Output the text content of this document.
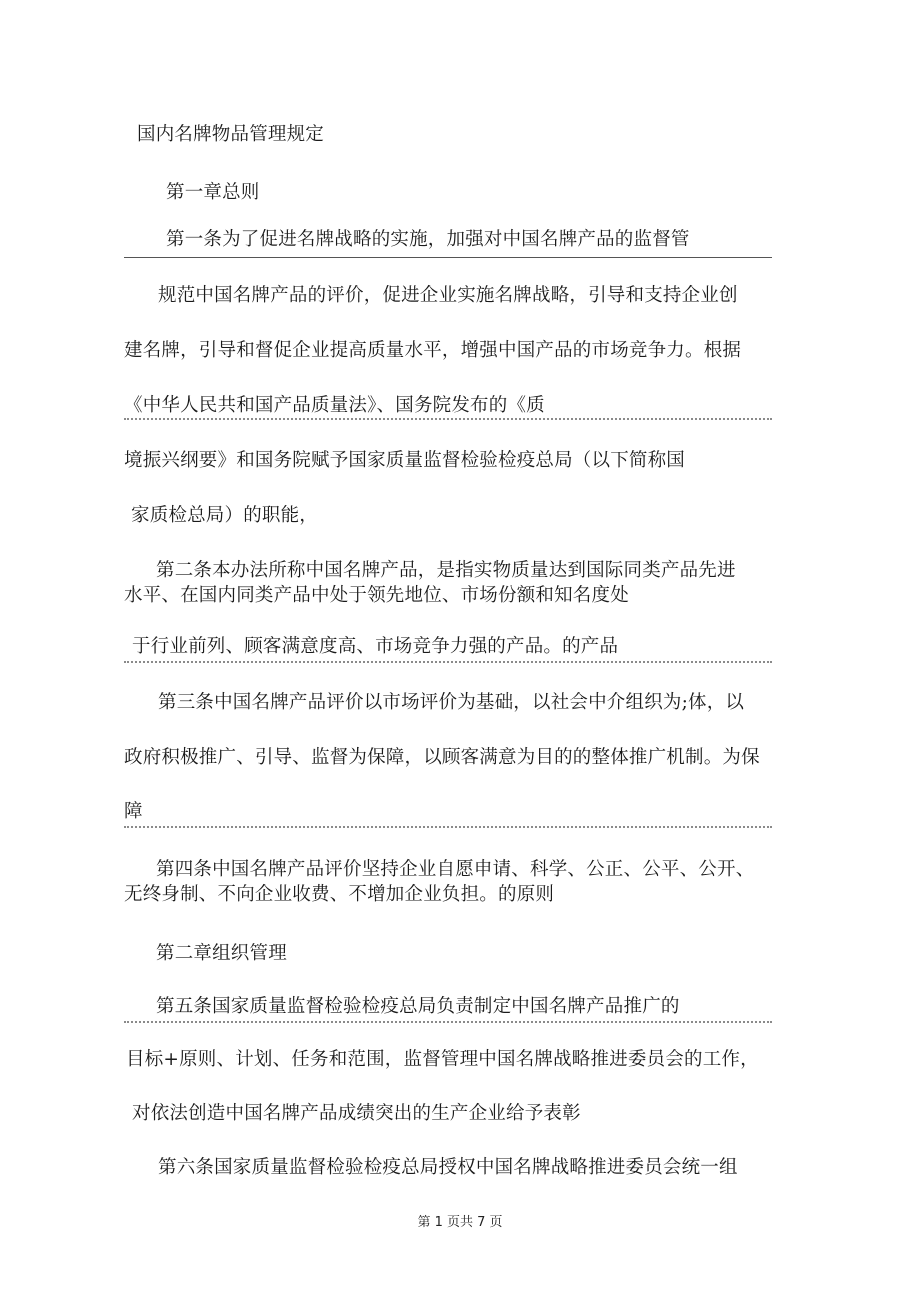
国内名牌物品管理规定
第一章总则
第一条为了促进名牌战略的实施，加强对中国名牌产品的监督管
规范中国名牌产品的评价，促进企业实施名牌战略，引导和支持企业创
建名牌，引导和督促企业提高质量水平，增强中国产品的市场竞争力。根据
《中华人民共和国产品质量法》、国务院发布的《质
境振兴纲要》和国务院赋予国家质量监督检验检疫总局（以下简称国
家质检总局）的职能，
第二条本办法所称中国名牌产品，是指实物质量达到国际同类产品先进
水平、在国内同类产品中处于领先地位、市场份额和知名度处
于行业前列、顾客满意度高、市场竞争力强的产品。的产品
第三条中国名牌产品评价以市场评价为基础，以社会中介组织为;体，以
政府积极推广、引导、监督为保障，以顾客满意为目的的整体推广机制。为保
障
第四条中国名牌产品评价坚持企业自愿申请、科学、公正、公平、公开、
无终身制、不向企业收费、不增加企业负担。的原则
第二章组织管理
第五条国家质量监督检验检疫总局负责制定中国名牌产品推广的
目标+原则、计划、任务和范围，监督管理中国名牌战略推进委员会的工作，
对依法创造中国名牌产品成绩突出的生产企业给予表彰
第六条国家质量监督检验检疫总局授权中国名牌战略推进委员会统一组
第 1 页共 7 页
